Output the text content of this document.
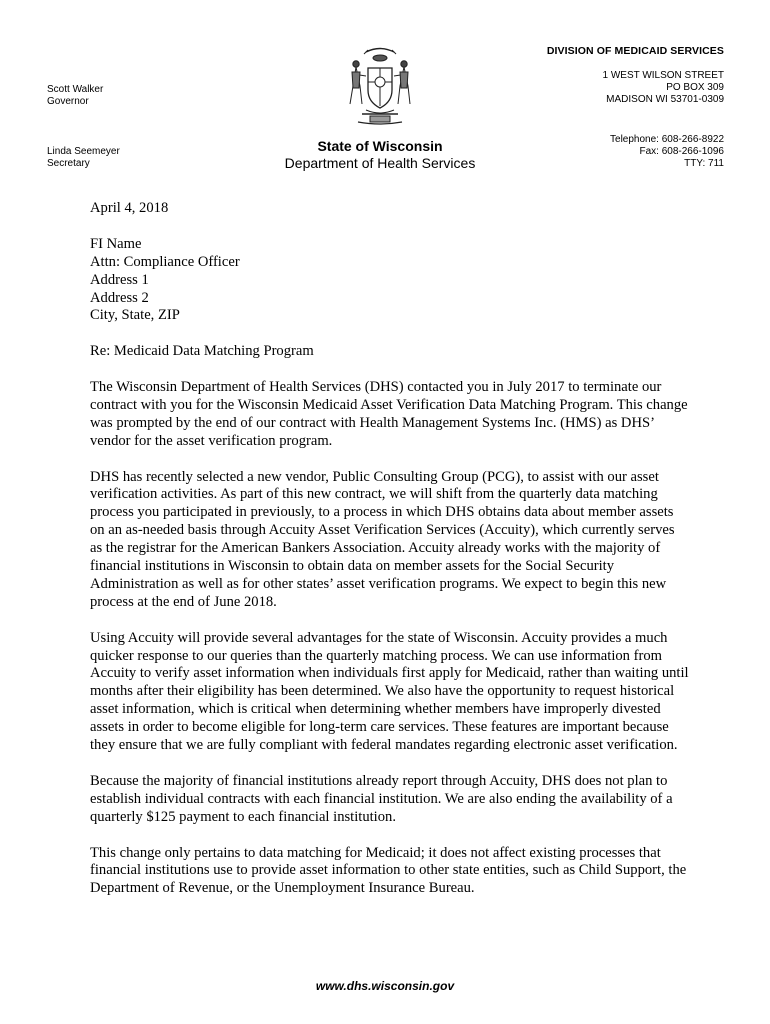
DIVISION OF MEDICAID SERVICES
1 WEST WILSON STREET
PO BOX 309
MADISON WI 53701-0309
Telephone: 608-266-8922
Fax: 608-266-1096
TTY: 711
Scott Walker
Governor
Linda Seemeyer
Secretary
State of Wisconsin
Department of Health Services

April 4, 2018

FI Name
Attn: Compliance Officer
Address 1
Address 2
City, State, ZIP

Re: Medicaid Data Matching Program

The Wisconsin Department of Health Services (DHS) contacted you in July 2017 to terminate our contract with you for the Wisconsin Medicaid Asset Verification Data Matching Program. This change was prompted by the end of our contract with Health Management Systems Inc. (HMS) as DHS’ vendor for the asset verification program.

DHS has recently selected a new vendor, Public Consulting Group (PCG), to assist with our asset verification activities. As part of this new contract, we will shift from the quarterly data matching process you participated in previously, to a process in which DHS obtains data about member assets on an as-needed basis through Accuity Asset Verification Services (Accuity), which currently serves as the registrar for the American Bankers Association. Accuity already works with the majority of financial institutions in Wisconsin to obtain data on member assets for the Social Security Administration as well as for other states’ asset verification programs. We expect to begin this new process at the end of June 2018.

Using Accuity will provide several advantages for the state of Wisconsin. Accuity provides a much quicker response to our queries than the quarterly matching process. We can use information from Accuity to verify asset information when individuals first apply for Medicaid, rather than waiting until months after their eligibility has been determined. We also have the opportunity to request historical asset information, which is critical when determining whether members have improperly divested assets in order to become eligible for long-term care services. These features are important because they ensure that we are fully compliant with federal mandates regarding electronic asset verification.

Because the majority of financial institutions already report through Accuity, DHS does not plan to establish individual contracts with each financial institution. We are also ending the availability of a quarterly $125 payment to each financial institution.

This change only pertains to data matching for Medicaid; it does not affect existing processes that financial institutions use to provide asset information to other state entities, such as Child Support, the Department of Revenue, or the Unemployment Insurance Bureau.

www.dhs.wisconsin.gov
